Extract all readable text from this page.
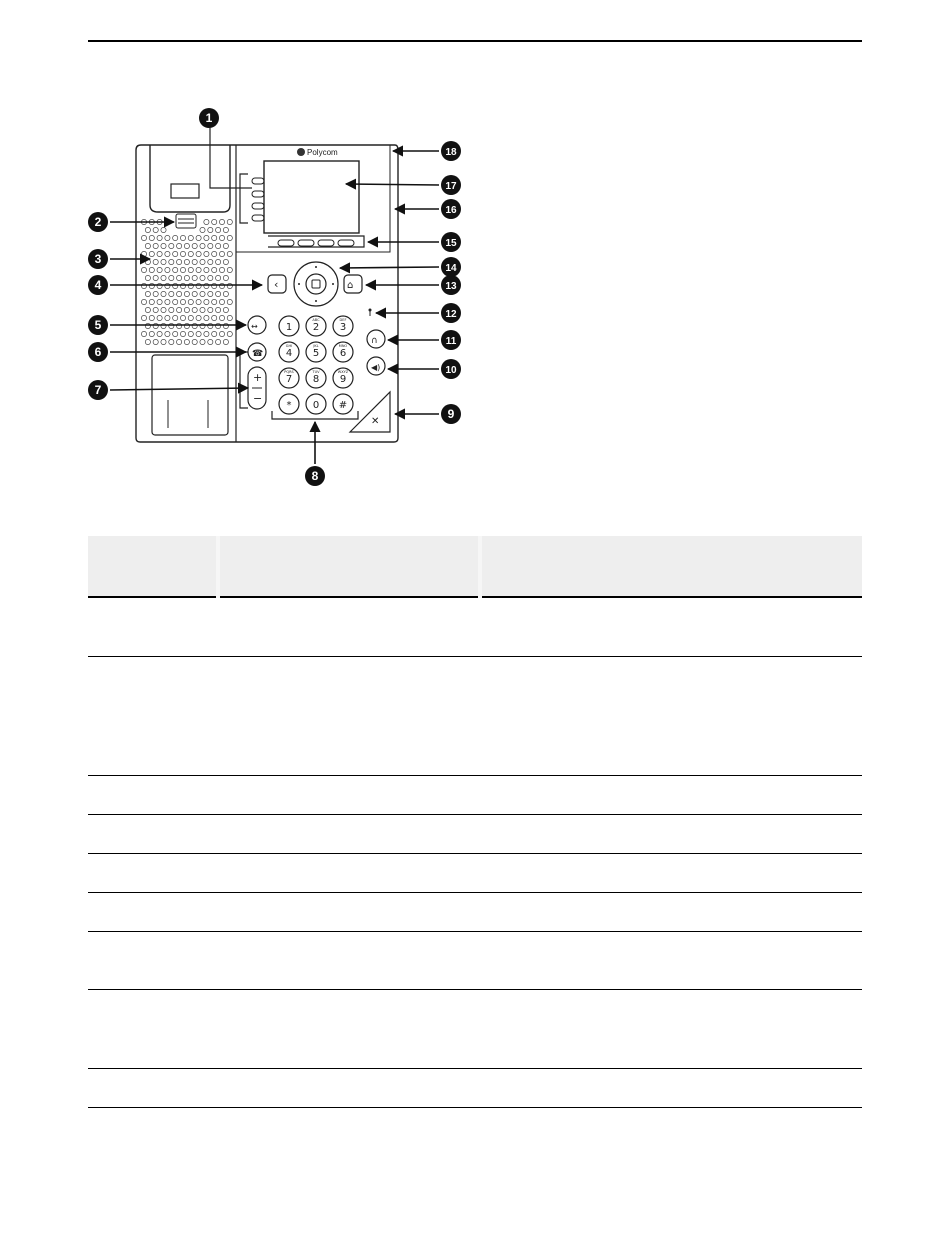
Polycom
‹	⌂
↔
☎
+
−
1 2
ABC
3
DEF
4
GHI
5
JKL
6
MNO
7
PQRS
8
TUV
9
WXYZ
* 0 #
∩
◀)
✕
1
2
3
4
5
6
7
8
9
10
11
12
13
14
15
16
17
18
